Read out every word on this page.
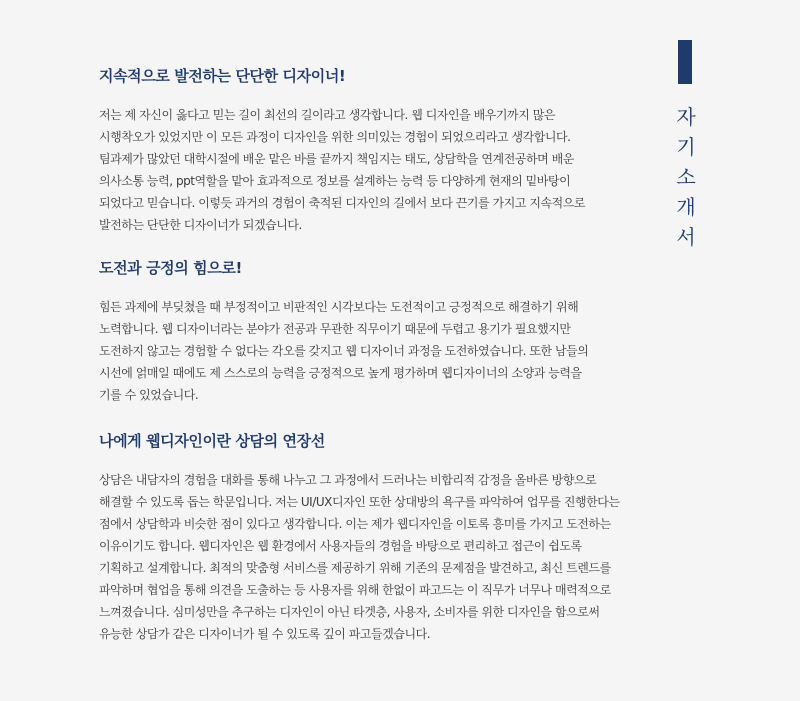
자
기
소
개
서
지속적으로 발전하는 단단한 디자이너!
저는 제 자신이 옳다고 믿는 길이 최선의 길이라고 생각합니다. 웹 디자인을 배우기까지 많은
시행착오가 있었지만 이 모든 과정이 디자인을 위한 의미있는 경험이 되었으리라고 생각합니다.
팀과제가 많았던 대학시절에 배운 맡은 바를 끝까지 책임지는 태도, 상담학을 연계전공하며 배운
의사소통 능력, ppt역할을 맡아 효과적으로 정보를 설계하는 능력 등 다양하게 현재의 밑바탕이
되었다고 믿습니다. 이렇듯 과거의 경험이 축적된 디자인의 길에서 보다 끈기를 가지고 지속적으로
발전하는 단단한 디자이너가 되겠습니다.
도전과 긍정의 힘으로!
힘든 과제에 부딪쳤을 때 부정적이고 비판적인 시각보다는 도전적이고 긍정적으로 해결하기 위해
노력합니다. 웹 디자이너라는 분야가 전공과 무관한 직무이기 때문에 두렵고 용기가 필요했지만
도전하지 않고는 경험할 수 없다는 각오를 갖지고 웹 디자이너 과정을 도전하였습니다. 또한 남들의
시선에 얽매일 때에도 제 스스로의 능력을 긍정적으로 높게 평가하며 웹디자이너의 소양과 능력을
기를 수 있었습니다.
나에게 웹디자인이란 상담의 연장선
상담은 내담자의 경험을 대화를 통해 나누고 그 과정에서 드러나는 비합리적 감정을 올바른 방향으로
해결할 수 있도록 돕는 학문입니다. 저는 UI/UX디자인 또한 상대방의 욕구를 파악하여 업무를 진행한다는
점에서 상담학과 비슷한 점이 있다고 생각합니다. 이는 제가 웹디자인을 이토록 흥미를 가지고 도전하는
이유이기도 합니다. 웹디자인은 웹 환경에서 사용자들의 경험을 바탕으로 편리하고 접근이 쉽도록
기획하고 설계합니다. 최적의 맞춤형 서비스를 제공하기 위해 기존의 문제점을 발견하고, 최신 트렌드를
파악하며 협업을 통해 의견을 도출하는 등 사용자를 위해 한없이 파고드는 이 직무가 너무나 매력적으로
느껴졌습니다. 심미성만을 추구하는 디자인이 아닌 타겟층, 사용자, 소비자를 위한 디자인을 함으로써
유능한 상담가 같은 디자이너가 될 수 있도록 깊이 파고들겠습니다.
